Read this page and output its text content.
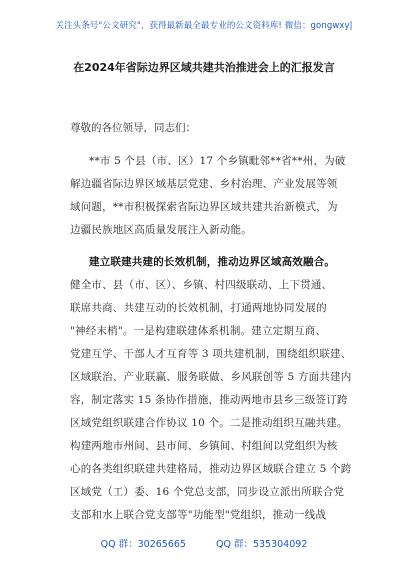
关注头条号"公文研究"，获得最新最全最专业的公文资料库! 微信：gongwxy|
在2024年省际边界区域共建共治推进会上的汇报发言
尊敬的各位领导，同志们：
**市 5 个县（市、区）17 个乡镇毗邻**省**州，为破
解边疆省际边界区域基层党建、乡村治理、产业发展等领
域问题，**市积极探索省际边界区域共建共治新模式，为
边疆民族地区高质量发展注入新动能。
建立联建共建的长效机制，推动边界区域高效融合。
健全市、县（市、区）、乡镇、村四级联动、上下贯通、
联席共商、共建互动的长效机制，打通两地协同发展的
"神经末梢"。一是构建联建体系机制。建立定期互商、
党建互学、干部人才互育等 3 项共建机制，围绕组织联建、
区域联治、产业联赢、服务联做、乡风联创等 5 方面共建内
容，制定落实 15 条协作措施，推动两地市县乡三级签订跨
区域党组织联建合作协议 10 个。二是推动组织互融共建。
构建两地市州间、县市间、乡镇间、村组间以党组织为核
心的各类组织联建共建格局，推动边界区域联合建立 5 个跨
区域党（工）委、16 个党总支部，同步设立派出所联合党
支部和水上联合党支部等"功能型"党组织，推动一线战
QQ 群：30265665	QQ 群：535304092
